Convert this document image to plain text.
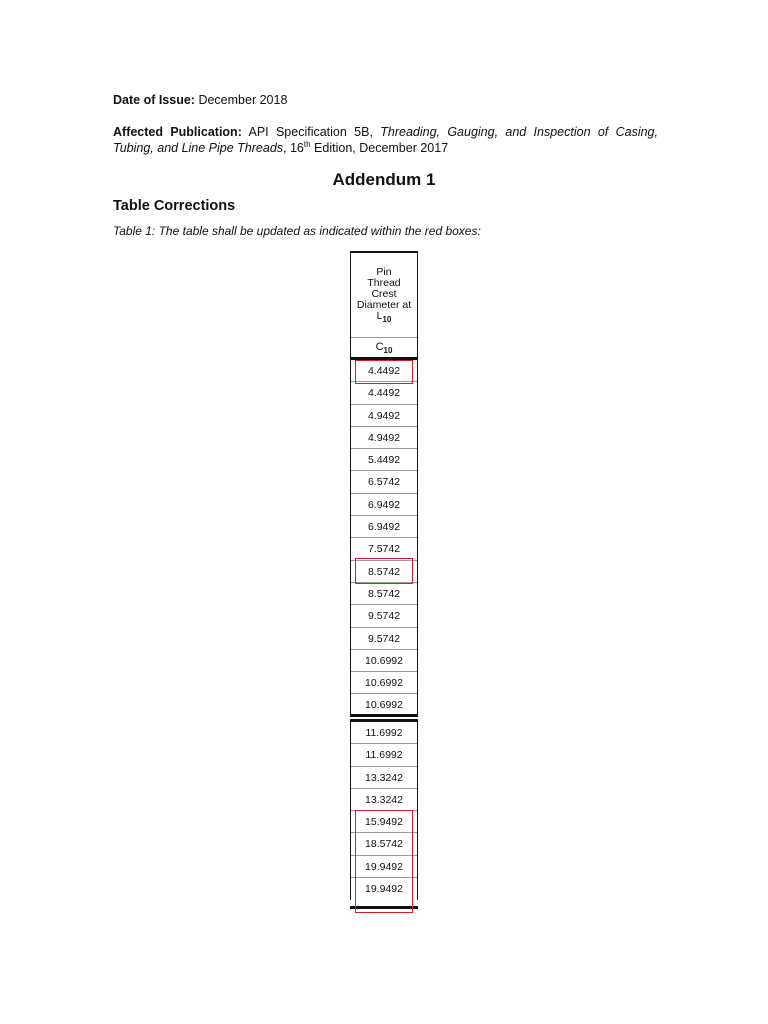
Date of Issue: December 2018
Affected Publication: API Specification 5B, Threading, Gauging, and Inspection of Casing, Tubing, and Line Pipe Threads, 16th Edition, December 2017
Addendum 1
Table Corrections
Table 1: The table shall be updated as indicated within the red boxes:
Pin
Thread
Crest
Diameter at
$L_{10}$
$C_{10}$
4.4492
4.4492
4.9492
4.9492
5.4492
6.5742
6.9492
6.9492
7.5742
8.5742
8.5742
9.5742
9.5742
10.6992
10.6992
10.6992
11.6992
11.6992
13.3242
13.3242
15.9492
18.5742
19.9492
19.9492
